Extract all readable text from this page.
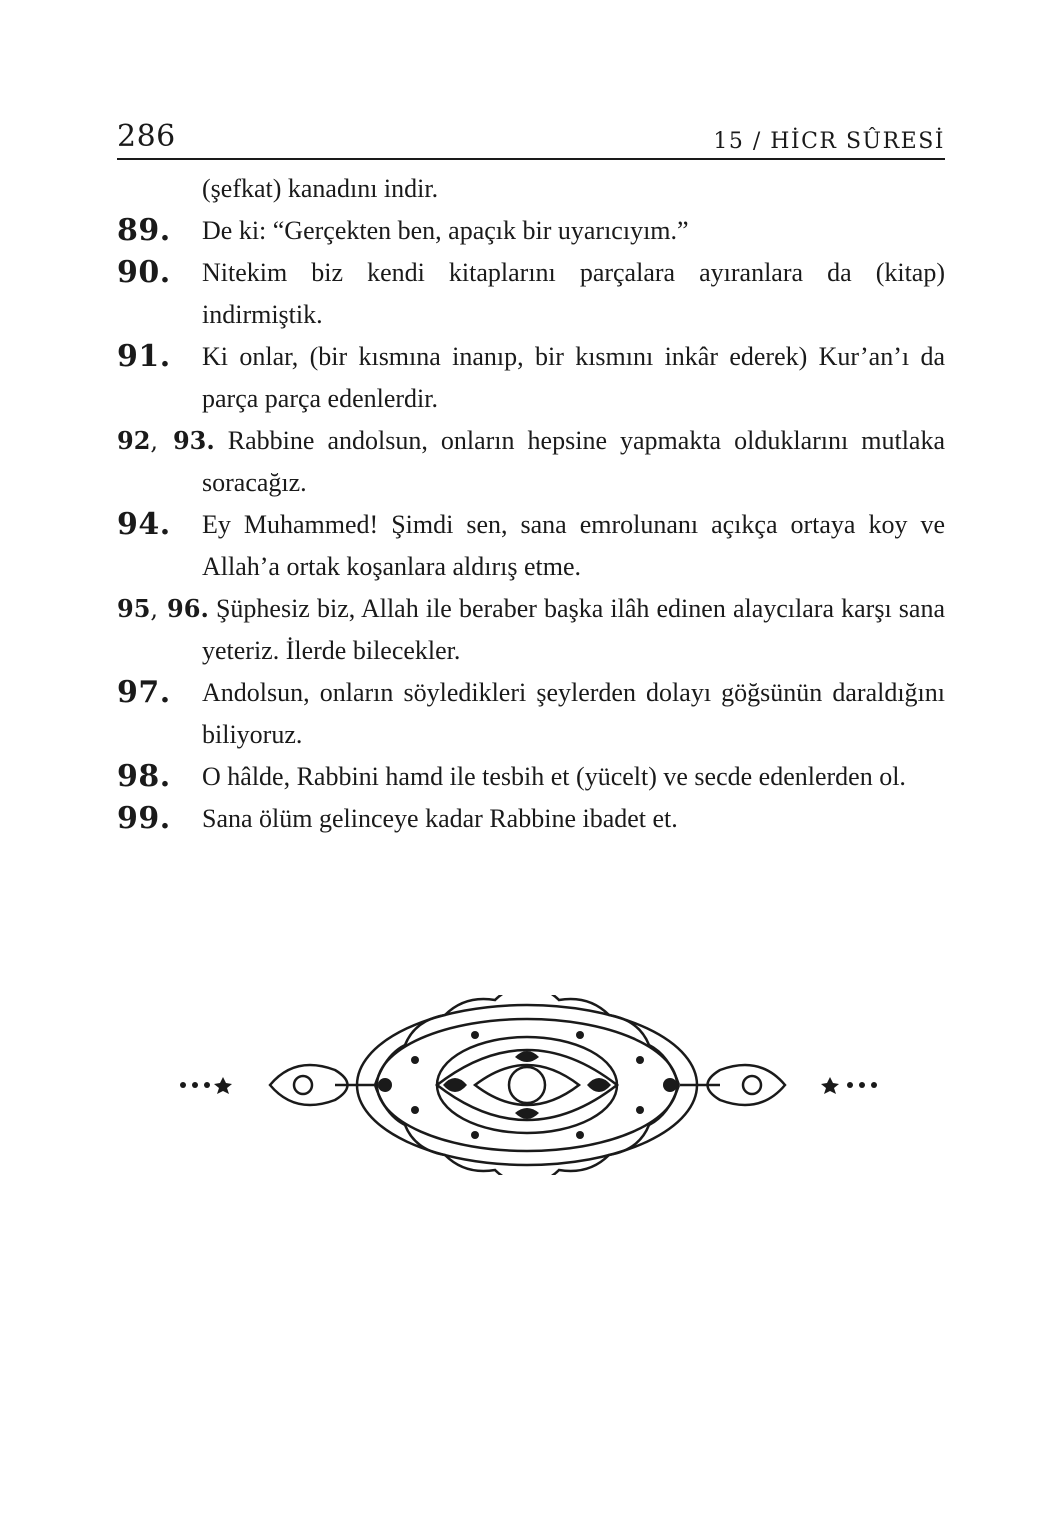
286	15 / HİCR SÛRESİ
(şefkat) kanadını indir.
89. De ki: “Gerçekten ben, apaçık bir uyarıcıyım.”
90. Nitekim biz kendi kitaplarını parçalara ayıranlara da (kitap) indirmiştik.
91. Ki onlar, (bir kısmına inanıp, bir kısmını inkâr ederek) Kur’an’ı da parça parça edenlerdir.
92, 93. Rabbine andolsun, onların hepsine yapmakta olduklarını mutlaka soracağız.
94. Ey Muhammed! Şimdi sen, sana emrolunanı açıkça ortaya koy ve Allah’a ortak koşanlara aldırış etme.
95, 96. Şüphesiz biz, Allah ile beraber başka ilâh edinen alaycılara karşı sana yeteriz. İlerde bilecekler.
97. Andolsun, onların söyledikleri şeylerden dolayı göğsünün daraldığını biliyoruz.
98. O hâlde, Rabbini hamd ile tesbih et (yücelt) ve secde edenlerden ol.
99. Sana ölüm gelinceye kadar Rabbine ibadet et.
